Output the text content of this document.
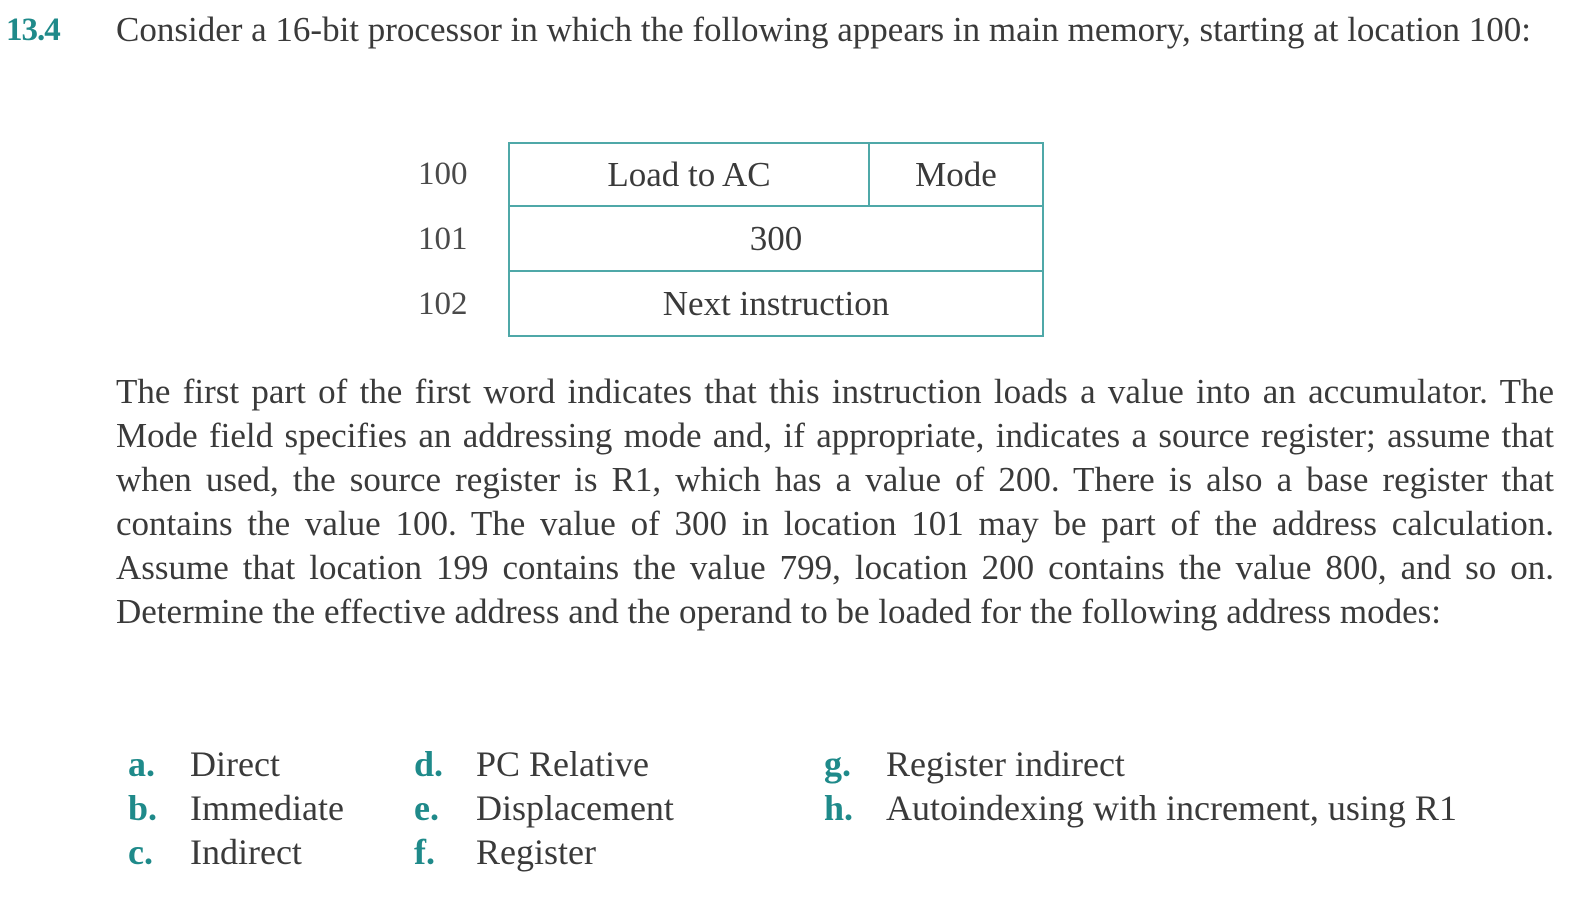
13.4 Consider a 16-bit processor in which the following appears in main memory, starting at location 100:

100	Load to AC	Mode
101	300
102	Next instruction

The first part of the first word indicates that this instruction loads a value into an accumulator. The Mode field specifies an addressing mode and, if appropriate, indicates a source register; assume that when used, the source register is R1, which has a value of 200. There is also a base register that contains the value 100. The value of 300 in location 101 may be part of the address calculation. Assume that location 199 contains the value 799, location 200 contains the value 800, and so on. Determine the effective address and the operand to be loaded for the following address modes:

a. Direct
b. Immediate
c.	Indirect
d. PC Relative
e.	Displacement
f.	Register
g. Register indirect
h. Autoindexing with increment, using R1
